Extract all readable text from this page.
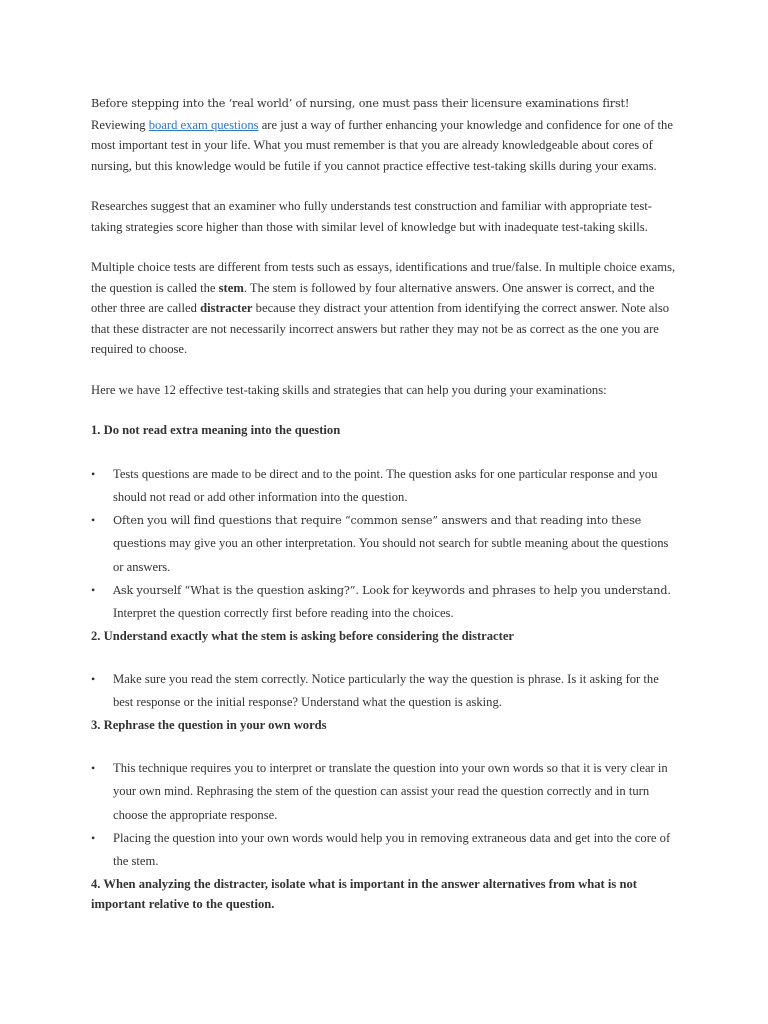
Before stepping into the ‘real world’ of nursing, one must pass their licensure examinations first!

Reviewing board exam questions are just a way of further enhancing your knowledge and confidence for one of the most important test in your life. What you must remember is that you are already knowledgeable about cores of nursing, but this knowledge would be futile if you cannot practice effective test-taking skills during your exams.

Researches suggest that an examiner who fully understands test construction and familiar with appropriate test-taking strategies score higher than those with similar level of knowledge but with inadequate test-taking skills.

Multiple choice tests are different from tests such as essays, identifications and true/false. In multiple choice exams, the question is called the stem. The stem is followed by four alternative answers. One answer is correct, and the other three are called distracter because they distract your attention from identifying the correct answer. Note also that these distracter are not necessarily incorrect answers but rather they may not be as correct as the one you are required to choose.

Here we have 12 effective test-taking skills and strategies that can help you during your examinations:

1. Do not read extra meaning into the question

• Tests questions are made to be direct and to the point. The question asks for one particular response and you should not read or add other information into the question.
• Often you will find questions that require “common sense” answers and that reading into these questions may give you an other interpretation. You should not search for subtle meaning about the questions or answers.
• Ask yourself “What is the question asking?”. Look for keywords and phrases to help you understand. Interpret the question correctly first before reading into the choices.

2. Understand exactly what the stem is asking before considering the distracter

• Make sure you read the stem correctly. Notice particularly the way the question is phrase. Is it asking for the best response or the initial response? Understand what the question is asking.

3. Rephrase the question in your own words

• This technique requires you to interpret or translate the question into your own words so that it is very clear in your own mind. Rephrasing the stem of the question can assist your read the question correctly and in turn choose the appropriate response.
• Placing the question into your own words would help you in removing extraneous data and get into the core of the stem.

4. When analyzing the distracter, isolate what is important in the answer alternatives from what is not important relative to the question.
